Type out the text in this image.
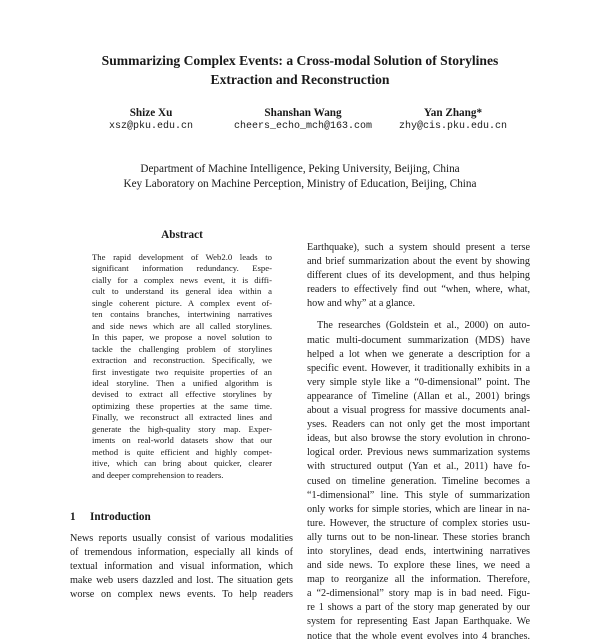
Summarizing Complex Events: a Cross-modal Solution of Storylines
Extraction and Reconstruction
Shize Xu
xsz@pku.edu.cn
Shanshan Wang
cheers_echo_mch@163.com
Yan Zhang*
zhy@cis.pku.edu.cn
Department of Machine Intelligence, Peking University, Beijing, China
Key Laboratory on Machine Perception, Ministry of Education, Beijing, China
Abstract
The rapid development of Web2.0 leads to
significant information redundancy. Espe-
cially for a complex news event, it is diffi-
cult to understand its general idea within a
single coherent picture. A complex event of-
ten contains branches, intertwining narratives
and side news which are all called storylines.
In this paper, we propose a novel solution to
tackle the challenging problem of storylines
extraction and reconstruction. Specifically, we
first investigate two requisite properties of an
ideal storyline. Then a unified algorithm is
devised to extract all effective storylines by
optimizing these properties at the same time.
Finally, we reconstruct all extracted lines and
generate the high-quality story map. Exper-
iments on real-world datasets show that our
method is quite efficient and highly compet-
itive, which can bring about quicker, clearer
and deeper comprehension to readers.
1 Introduction
News reports usually consist of various modalities
of tremendous information, especially all kinds of
textual information and visual information, which
make web users dazzled and lost. The situation gets
worse on complex news events. To help readers
Earthquake), such a system should present a terse
and brief summarization about the event by showing
different clues of its development, and thus helping
readers to effectively find out “when, where, what,
how and why” at a glance.
The researches (Goldstein et al., 2000) on auto-
matic multi-document summarization (MDS) have
helped a lot when we generate a description for a
specific event. However, it traditionally exhibits in a
very simple style like a “0-dimensional” point. The
appearance of Timeline (Allan et al., 2001) brings
about a visual progress for massive documents anal-
yses. Readers can not only get the most important
ideas, but also browse the story evolution in chrono-
logical order. Previous news summarization systems
with structured output (Yan et al., 2011) have fo-
cused on timeline generation. Timeline becomes a
“1-dimensional” line. This style of summarization
only works for simple stories, which are linear in na-
ture. However, the structure of complex stories usu-
ally turns out to be non-linear. These stories branch
into storylines, dead ends, intertwining narratives
and side news. To explore these lines, we need a
map to reorganize all the information. Therefore,
a “2-dimensional” story map is in bad need. Figu-
re 1 shows a part of the story map generated by our
system for representing East Japan Earthquake. We
notice that the whole event evolves into 4 branches.
